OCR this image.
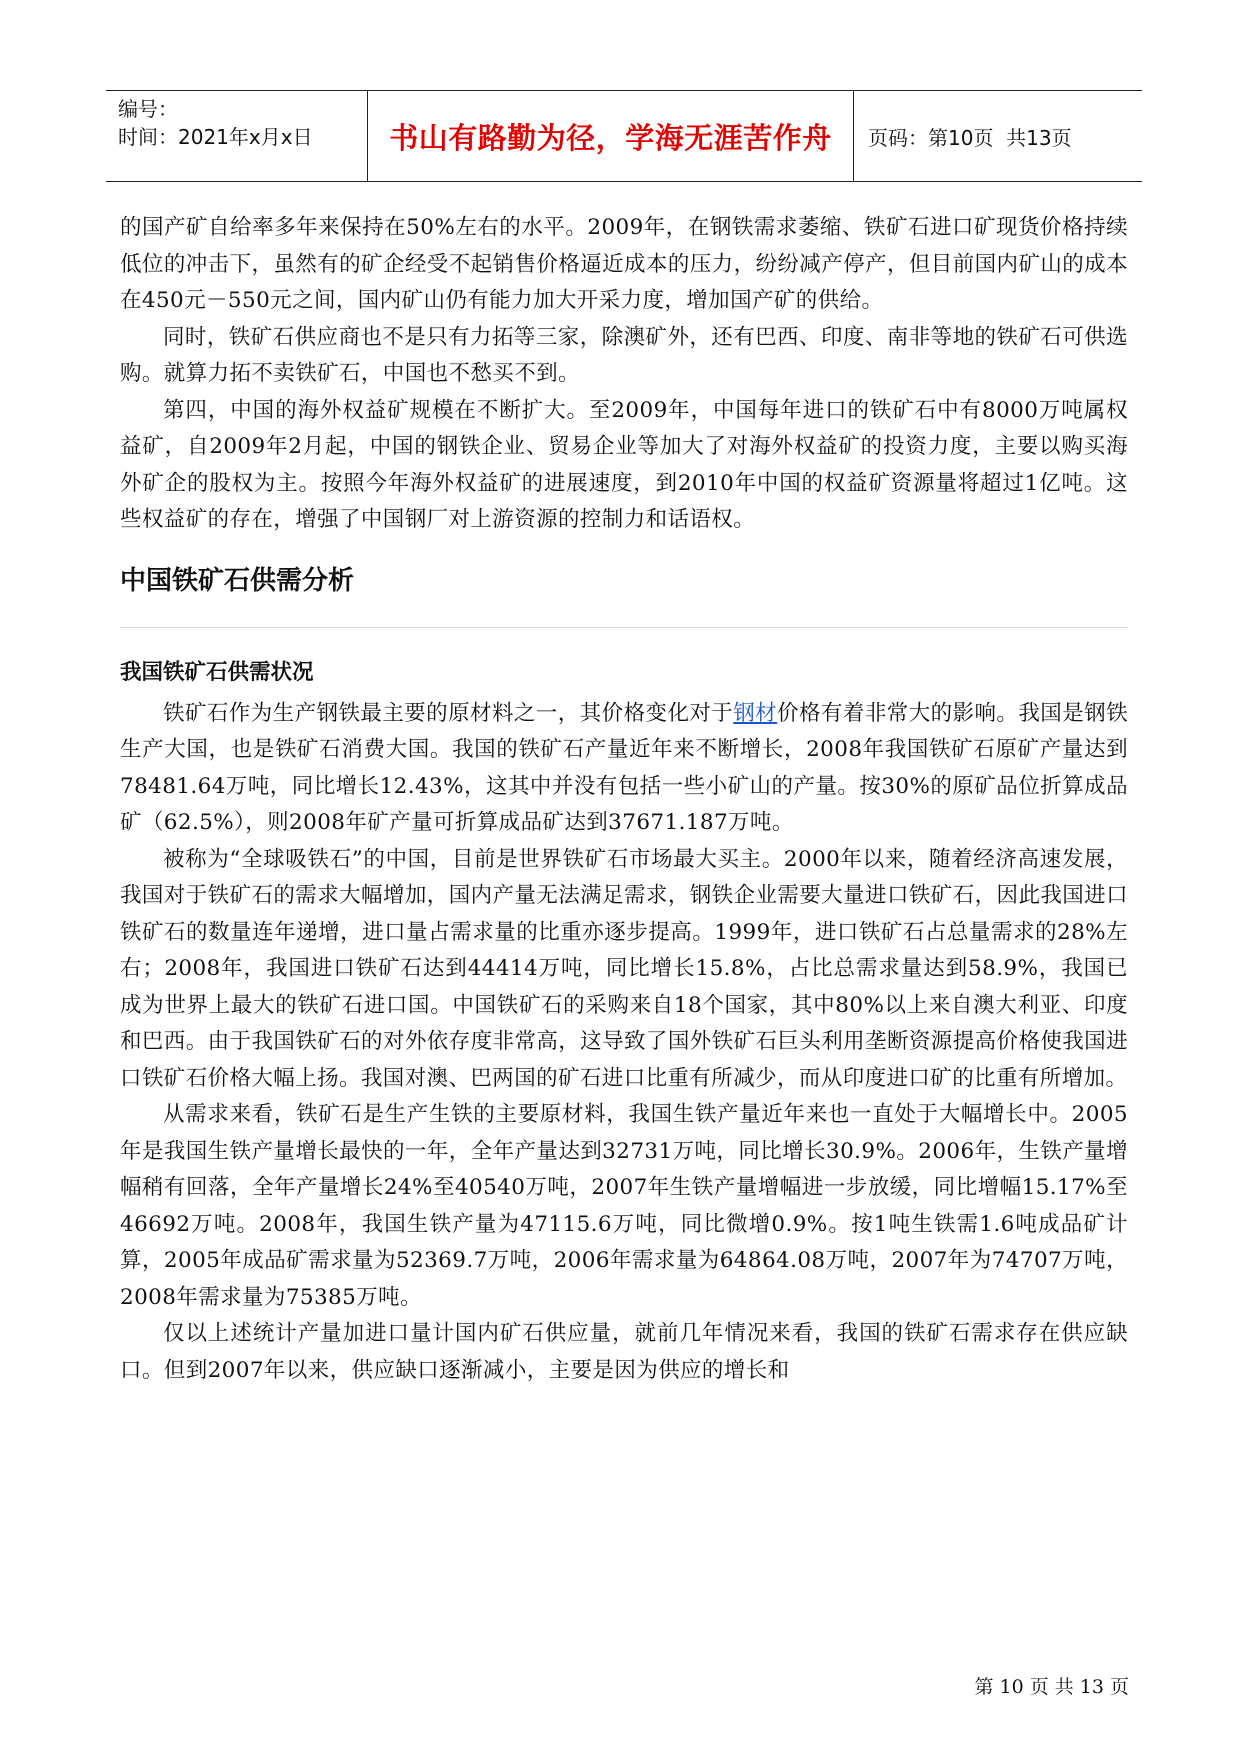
编号：
时间：2021年x月x日	书山有路勤为径，学海无涯苦作舟 页码：第10页  共13页

的国产矿自给率多年来保持在50%左右的水平。2009年，在钢铁需求萎缩、铁矿石进口矿现货价格持续低位的冲击下，虽然有的矿企经受不起销售价格逼近成本的压力，纷纷减产停产，但目前国内矿山的成本在450元－550元之间，国内矿山仍有能力加大开采力度，增加国产矿的供给。

同时，铁矿石供应商也不是只有力拓等三家，除澳矿外，还有巴西、印度、南非等地的铁矿石可供选购。就算力拓不卖铁矿石，中国也不愁买不到。

第四，中国的海外权益矿规模在不断扩大。至2009年，中国每年进口的铁矿石中有8000万吨属权益矿，自2009年2月起，中国的钢铁企业、贸易企业等加大了对海外权益矿的投资力度，主要以购买海外矿企的股权为主。按照今年海外权益矿的进展速度，到2010年中国的权益矿资源量将超过1亿吨。这些权益矿的存在，增强了中国钢厂对上游资源的控制力和话语权。

中国铁矿石供需分析
我国铁矿石供需状况

铁矿石作为生产钢铁最主要的原材料之一，其价格变化对于钢材价格有着非常大的影响。我国是钢铁生产大国，也是铁矿石消费大国。我国的铁矿石产量近年来不断增长，2008年我国铁矿石原矿产量达到78481.64万吨，同比增长12.43%，这其中并没有包括一些小矿山的产量。按30%的原矿品位折算成品矿（62.5%），则2008年矿产量可折算成品矿达到37671.187万吨。

被称为“全球吸铁石”的中国，目前是世界铁矿石市场最大买主。2000年以来，随着经济高速发展，我国对于铁矿石的需求大幅增加，国内产量无法满足需求，钢铁企业需要大量进口铁矿石，因此我国进口铁矿石的数量连年递增，进口量占需求量的比重亦逐步提高。1999年，进口铁矿石占总量需求的28%左右；2008年，我国进口铁矿石达到44414万吨，同比增长15.8%，占比总需求量达到58.9%，我国已成为世界上最大的铁矿石进口国。中国铁矿石的采购来自18个国家，其中80%以上来自澳大利亚、印度和巴西。由于我国铁矿石的对外依存度非常高，这导致了国外铁矿石巨头利用垄断资源提高价格使我国进口铁矿石价格大幅上扬。我国对澳、巴两国的矿石进口比重有所减少，而从印度进口矿的比重有所增加。

从需求来看，铁矿石是生产生铁的主要原材料，我国生铁产量近年来也一直处于大幅增长中。2005年是我国生铁产量增长最快的一年，全年产量达到32731万吨，同比增长30.9%。2006年，生铁产量增幅稍有回落，全年产量增长24%至40540万吨，2007年生铁产量增幅进一步放缓，同比增幅15.17%至46692万吨。2008年，我国生铁产量为47115.6万吨，同比微增0.9%。按1吨生铁需1.6吨成品矿计算，2005年成品矿需求量为52369.7万吨，2006年需求量为64864.08万吨，2007年为74707万吨，2008年需求量为75385万吨。

仅以上述统计产量加进口量计国内矿石供应量，就前几年情况来看，我国的铁矿石需求存在供应缺口。但到2007年以来，供应缺口逐渐减小，主要是因为供应的增长和

第 10 页 共 13 页
